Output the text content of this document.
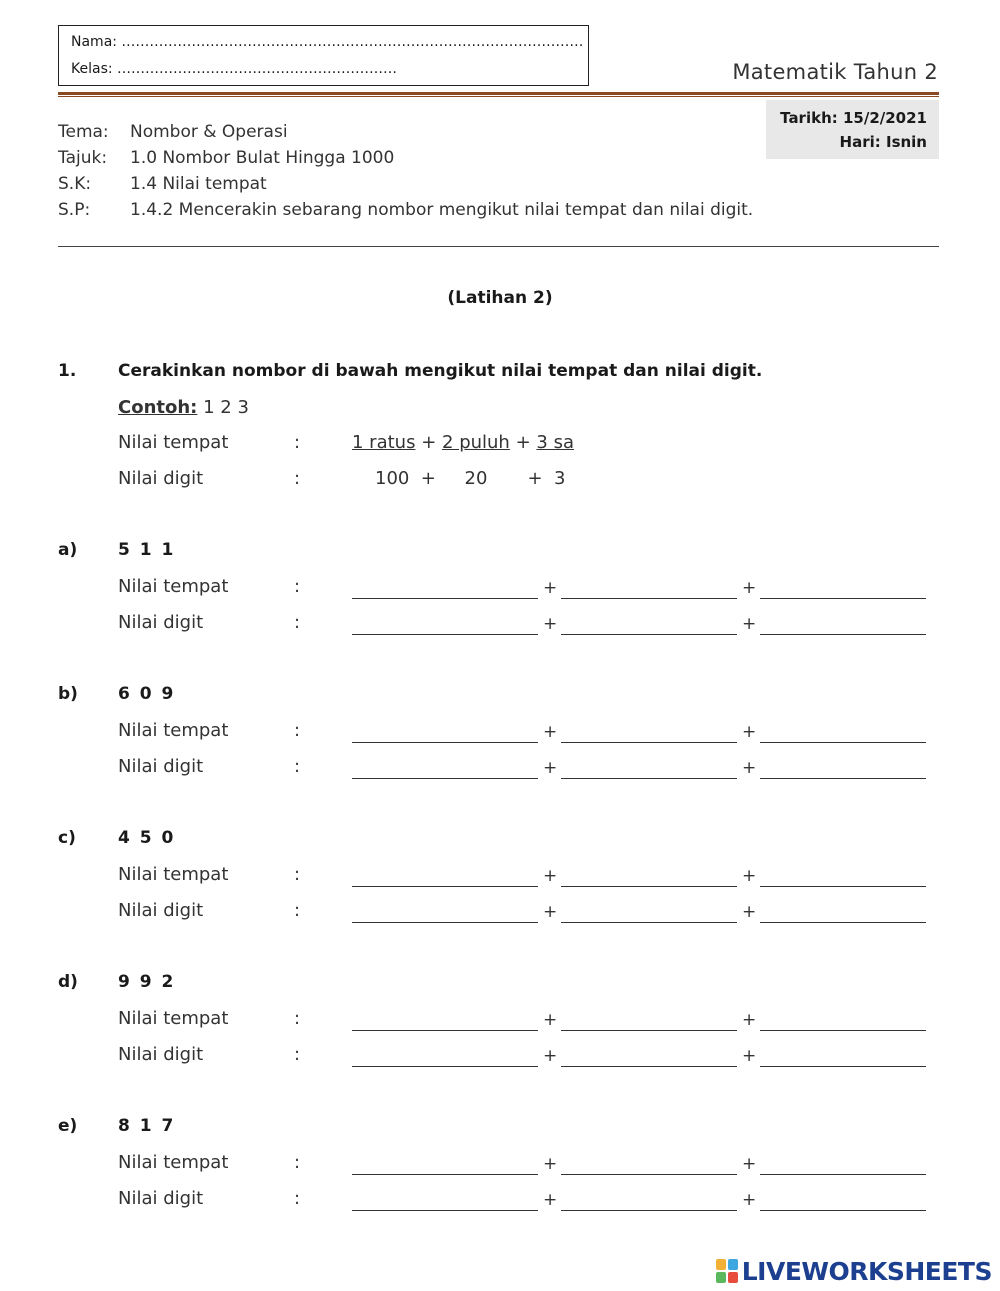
Nama: ………………………………………………………………………………………
Kelas: ……………………………………………………	Matematik Tahun 2
Tarikh: 15/2/2021
Hari: Isnin
Tema: Nombor & Operasi
Tajuk: 1.0 Nombor Bulat Hingga 1000
S.K: 1.4 Nilai tempat
S.P: 1.4.2 Mencerakin sebarang nombor mengikut nilai tempat dan nilai digit.
(Latihan 2)
1. Cerakinkan nombor di bawah mengikut nilai tempat dan nilai digit.
Contoh: 1 2 3
Nilai tempat	:	1 ratus + 2 puluh + 3 sa
Nilai digit	:	100  +     20       +  3
a) 5 1 1
Nilai tempat	:	+	+
Nilai digit	:	+	+
b) 6 0 9
Nilai tempat	:	+	+
Nilai digit	:	+	+
c) 4 5 0
Nilai tempat	:	+	+
Nilai digit	:	+	+
d) 9 9 2
Nilai tempat	:	+	+
Nilai digit	:	+	+
e) 8 1 7
Nilai tempat	:	+	+
Nilai digit	:	+	+
LIVEWORKSHEETS
